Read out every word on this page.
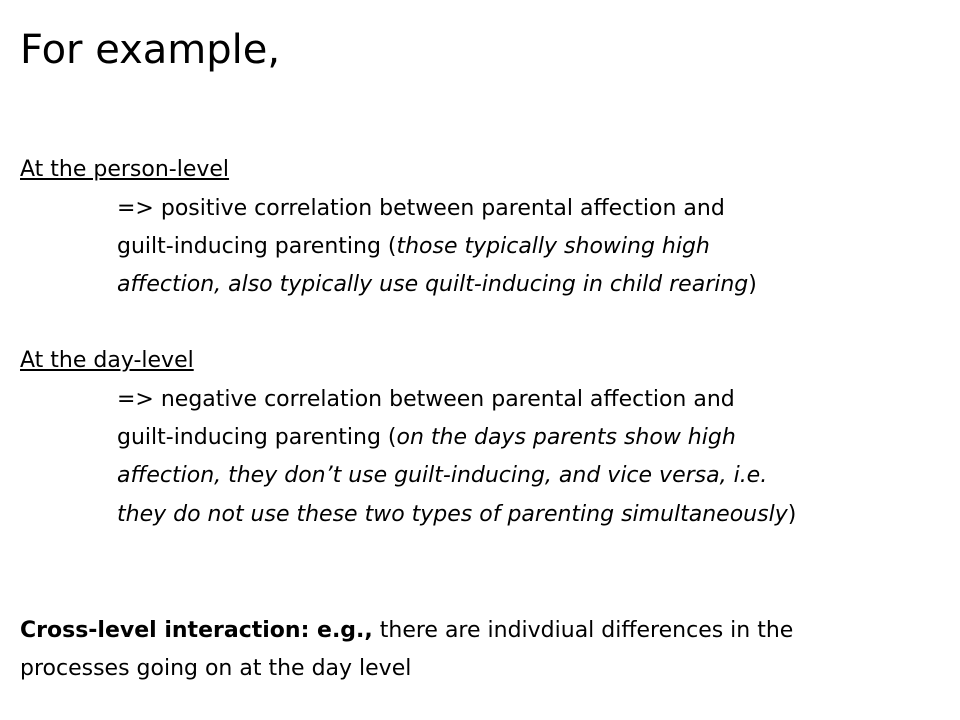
For example,
At the person-level
=> positive correlation between parental affection and
guilt-inducing parenting (those typically showing high
affection, also typically use quilt-inducing in child rearing)
At the day-level
=> negative correlation between parental affection and
guilt-inducing parenting (on the days parents show high
affection, they don’t use guilt-inducing, and vice versa, i.e.
they do not use these two types of parenting simultaneously)
Cross-level interaction: e.g., there are indivdiual differences in the
processes going on at the day level
